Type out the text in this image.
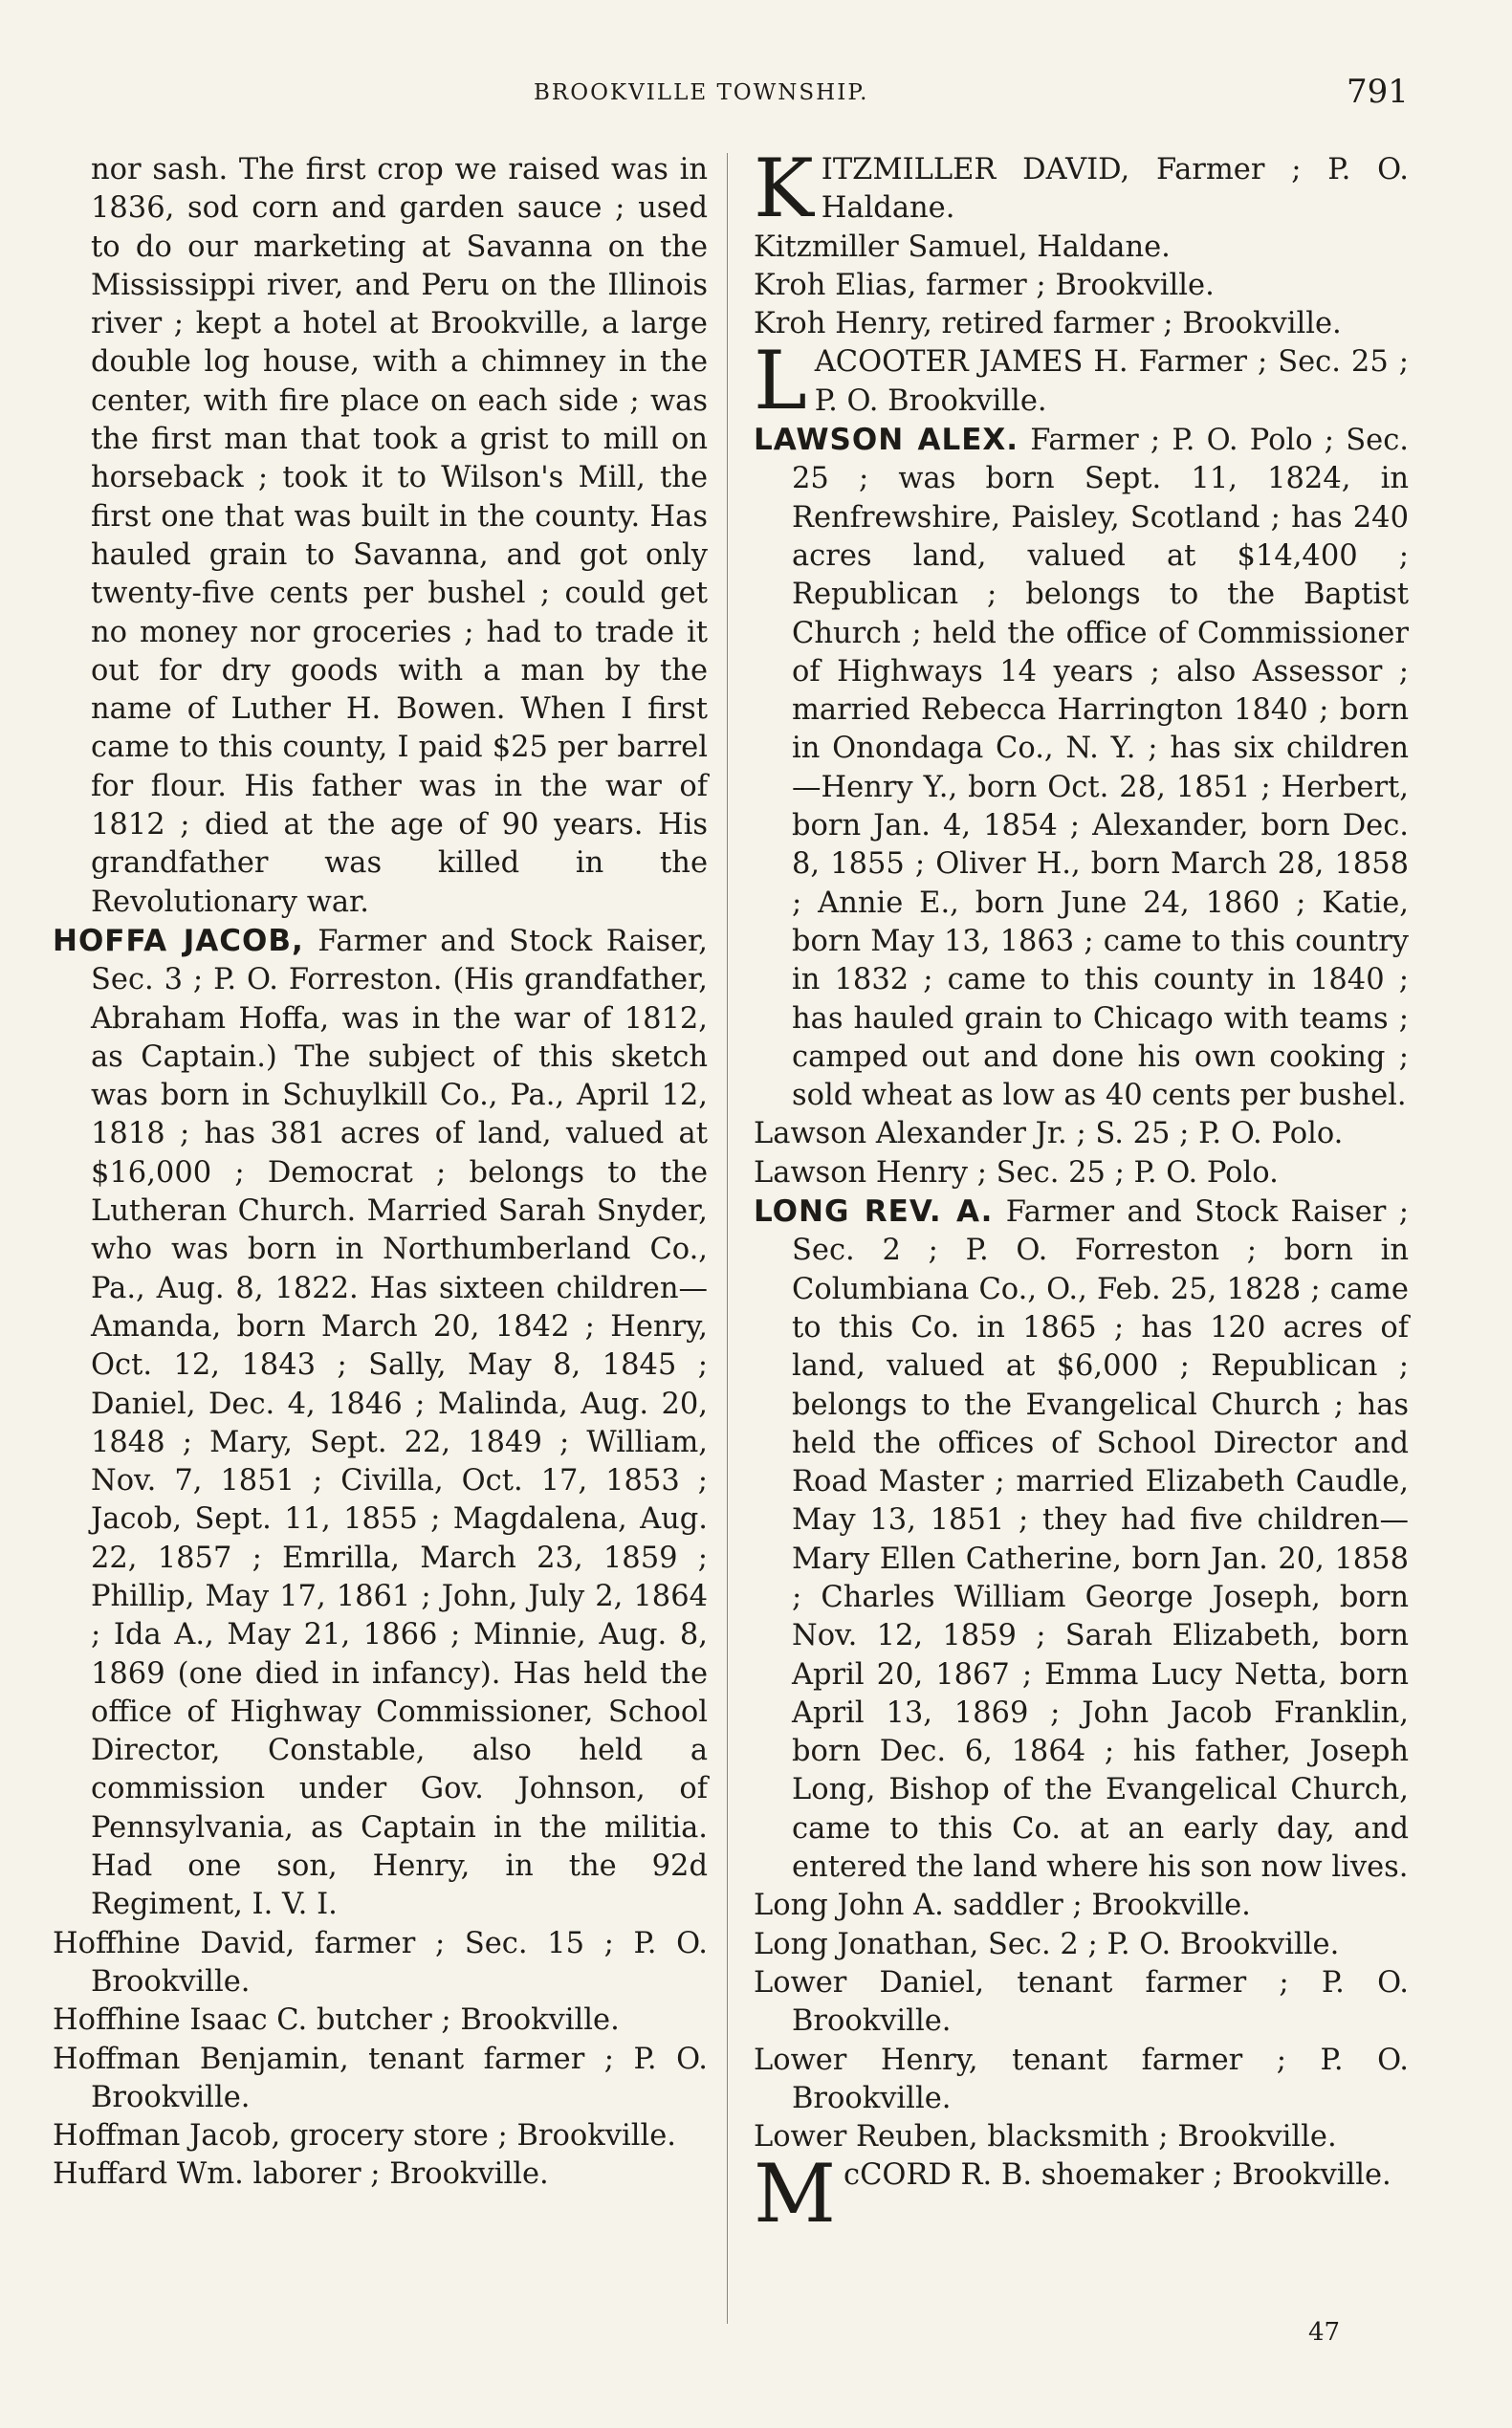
BROOKVILLE TOWNSHIP.	791

nor sash. The first crop we raised was in 1836, sod corn and garden sauce ; used to do our marketing at Savanna on the Mississippi river, and Peru on the Illinois river ; kept a hotel at Brookville, a large double log house, with a chimney in the center, with fire place on each side ; was the first man that took a grist to mill on horseback ; took it to Wilson's Mill, the first one that was built in the county. Has hauled grain to Savanna, and got only twenty-five cents per bushel ; could get no money nor groceries ; had to trade it out for dry goods with a man by the name of Luther H. Bowen. When I first came to this county, I paid $25 per barrel for flour. His father was in the war of 1812 ; died at the age of 90 years. His grandfather was killed in the Revolutionary war.

HOFFA JACOB, Farmer and Stock Raiser, Sec. 3 ; P. O. Forreston. (His grandfather, Abraham Hoffa, was in the war of 1812, as Captain.) The subject of this sketch was born in Schuylkill Co., Pa., April 12, 1818 ; has 381 acres of land, valued at $16,000 ; Democrat ; belongs to the Lutheran Church. Married Sarah Snyder, who was born in Northumberland Co., Pa., Aug. 8, 1822. Has sixteen children—Amanda, born March 20, 1842 ; Henry, Oct. 12, 1843 ; Sally, May 8, 1845 ; Daniel, Dec. 4, 1846 ; Malinda, Aug. 20, 1848 ; Mary, Sept. 22, 1849 ; William, Nov. 7, 1851 ; Civilla, Oct. 17, 1853 ; Jacob, Sept. 11, 1855 ; Magdalena, Aug. 22, 1857 ; Emrilla, March 23, 1859 ; Phillip, May 17, 1861 ; John, July 2, 1864 ; Ida A., May 21, 1866 ; Minnie, Aug. 8, 1869 (one died in infancy). Has held the office of Highway Commissioner, School Director, Constable, also held a commission under Gov. Johnson, of Pennsylvania, as Captain in the militia. Had one son, Henry, in the 92d Regiment, I. V. I.

Hoffhine David, farmer ; Sec. 15 ; P. O. Brookville.

Hoffhine Isaac C. butcher ; Brookville.

Hoffman Benjamin, tenant farmer ; P. O. Brookville.

Hoffman Jacob, grocery store ; Brookville.

Huffard Wm. laborer ; Brookville.

KITZMILLER DAVID, Farmer ; P. O. Haldane.

Kitzmiller Samuel, Haldane.

Kroh Elias, farmer ; Brookville.

Kroh Henry, retired farmer ; Brookville.

LACOOTER JAMES H. Farmer ; Sec. 25 ; P. O. Brookville.

LAWSON ALEX. Farmer ; P. O. Polo ; Sec. 25 ; was born Sept. 11, 1824, in Renfrewshire, Paisley, Scotland ; has 240 acres land, valued at $14,400 ; Republican ; belongs to the Baptist Church ; held the office of Commissioner of Highways 14 years ; also Assessor ; married Rebecca Harrington 1840 ; born in Onondaga Co., N. Y. ; has six children—Henry Y., born Oct. 28, 1851 ; Herbert, born Jan. 4, 1854 ; Alexander, born Dec. 8, 1855 ; Oliver H., born March 28, 1858 ; Annie E., born June 24, 1860 ; Katie, born May 13, 1863 ; came to this country in 1832 ; came to this county in 1840 ; has hauled grain to Chicago with teams ; camped out and done his own cooking ; sold wheat as low as 40 cents per bushel.

Lawson Alexander Jr. ; S. 25 ; P. O. Polo.

Lawson Henry ; Sec. 25 ; P. O. Polo.

LONG REV. A. Farmer and Stock Raiser ; Sec. 2 ; P. O. Forreston ; born in Columbiana Co., O., Feb. 25, 1828 ; came to this Co. in 1865 ; has 120 acres of land, valued at $6,000 ; Republican ; belongs to the Evangelical Church ; has held the offices of School Director and Road Master ; married Elizabeth Caudle, May 13, 1851 ; they had five children—Mary Ellen Catherine, born Jan. 20, 1858 ; Charles William George Joseph, born Nov. 12, 1859 ; Sarah Elizabeth, born April 20, 1867 ; Emma Lucy Netta, born April 13, 1869 ; John Jacob Franklin, born Dec. 6, 1864 ; his father, Joseph Long, Bishop of the Evangelical Church, came to this Co. at an early day, and entered the land where his son now lives.

Long John A. saddler ; Brookville.

Long Jonathan, Sec. 2 ; P. O. Brookville.

Lower Daniel, tenant farmer ; P. O. Brookville.

Lower Henry, tenant farmer ; P. O. Brookville.

Lower Reuben, blacksmith ; Brookville.

McCORD R. B. shoemaker ; Brookville.

47
